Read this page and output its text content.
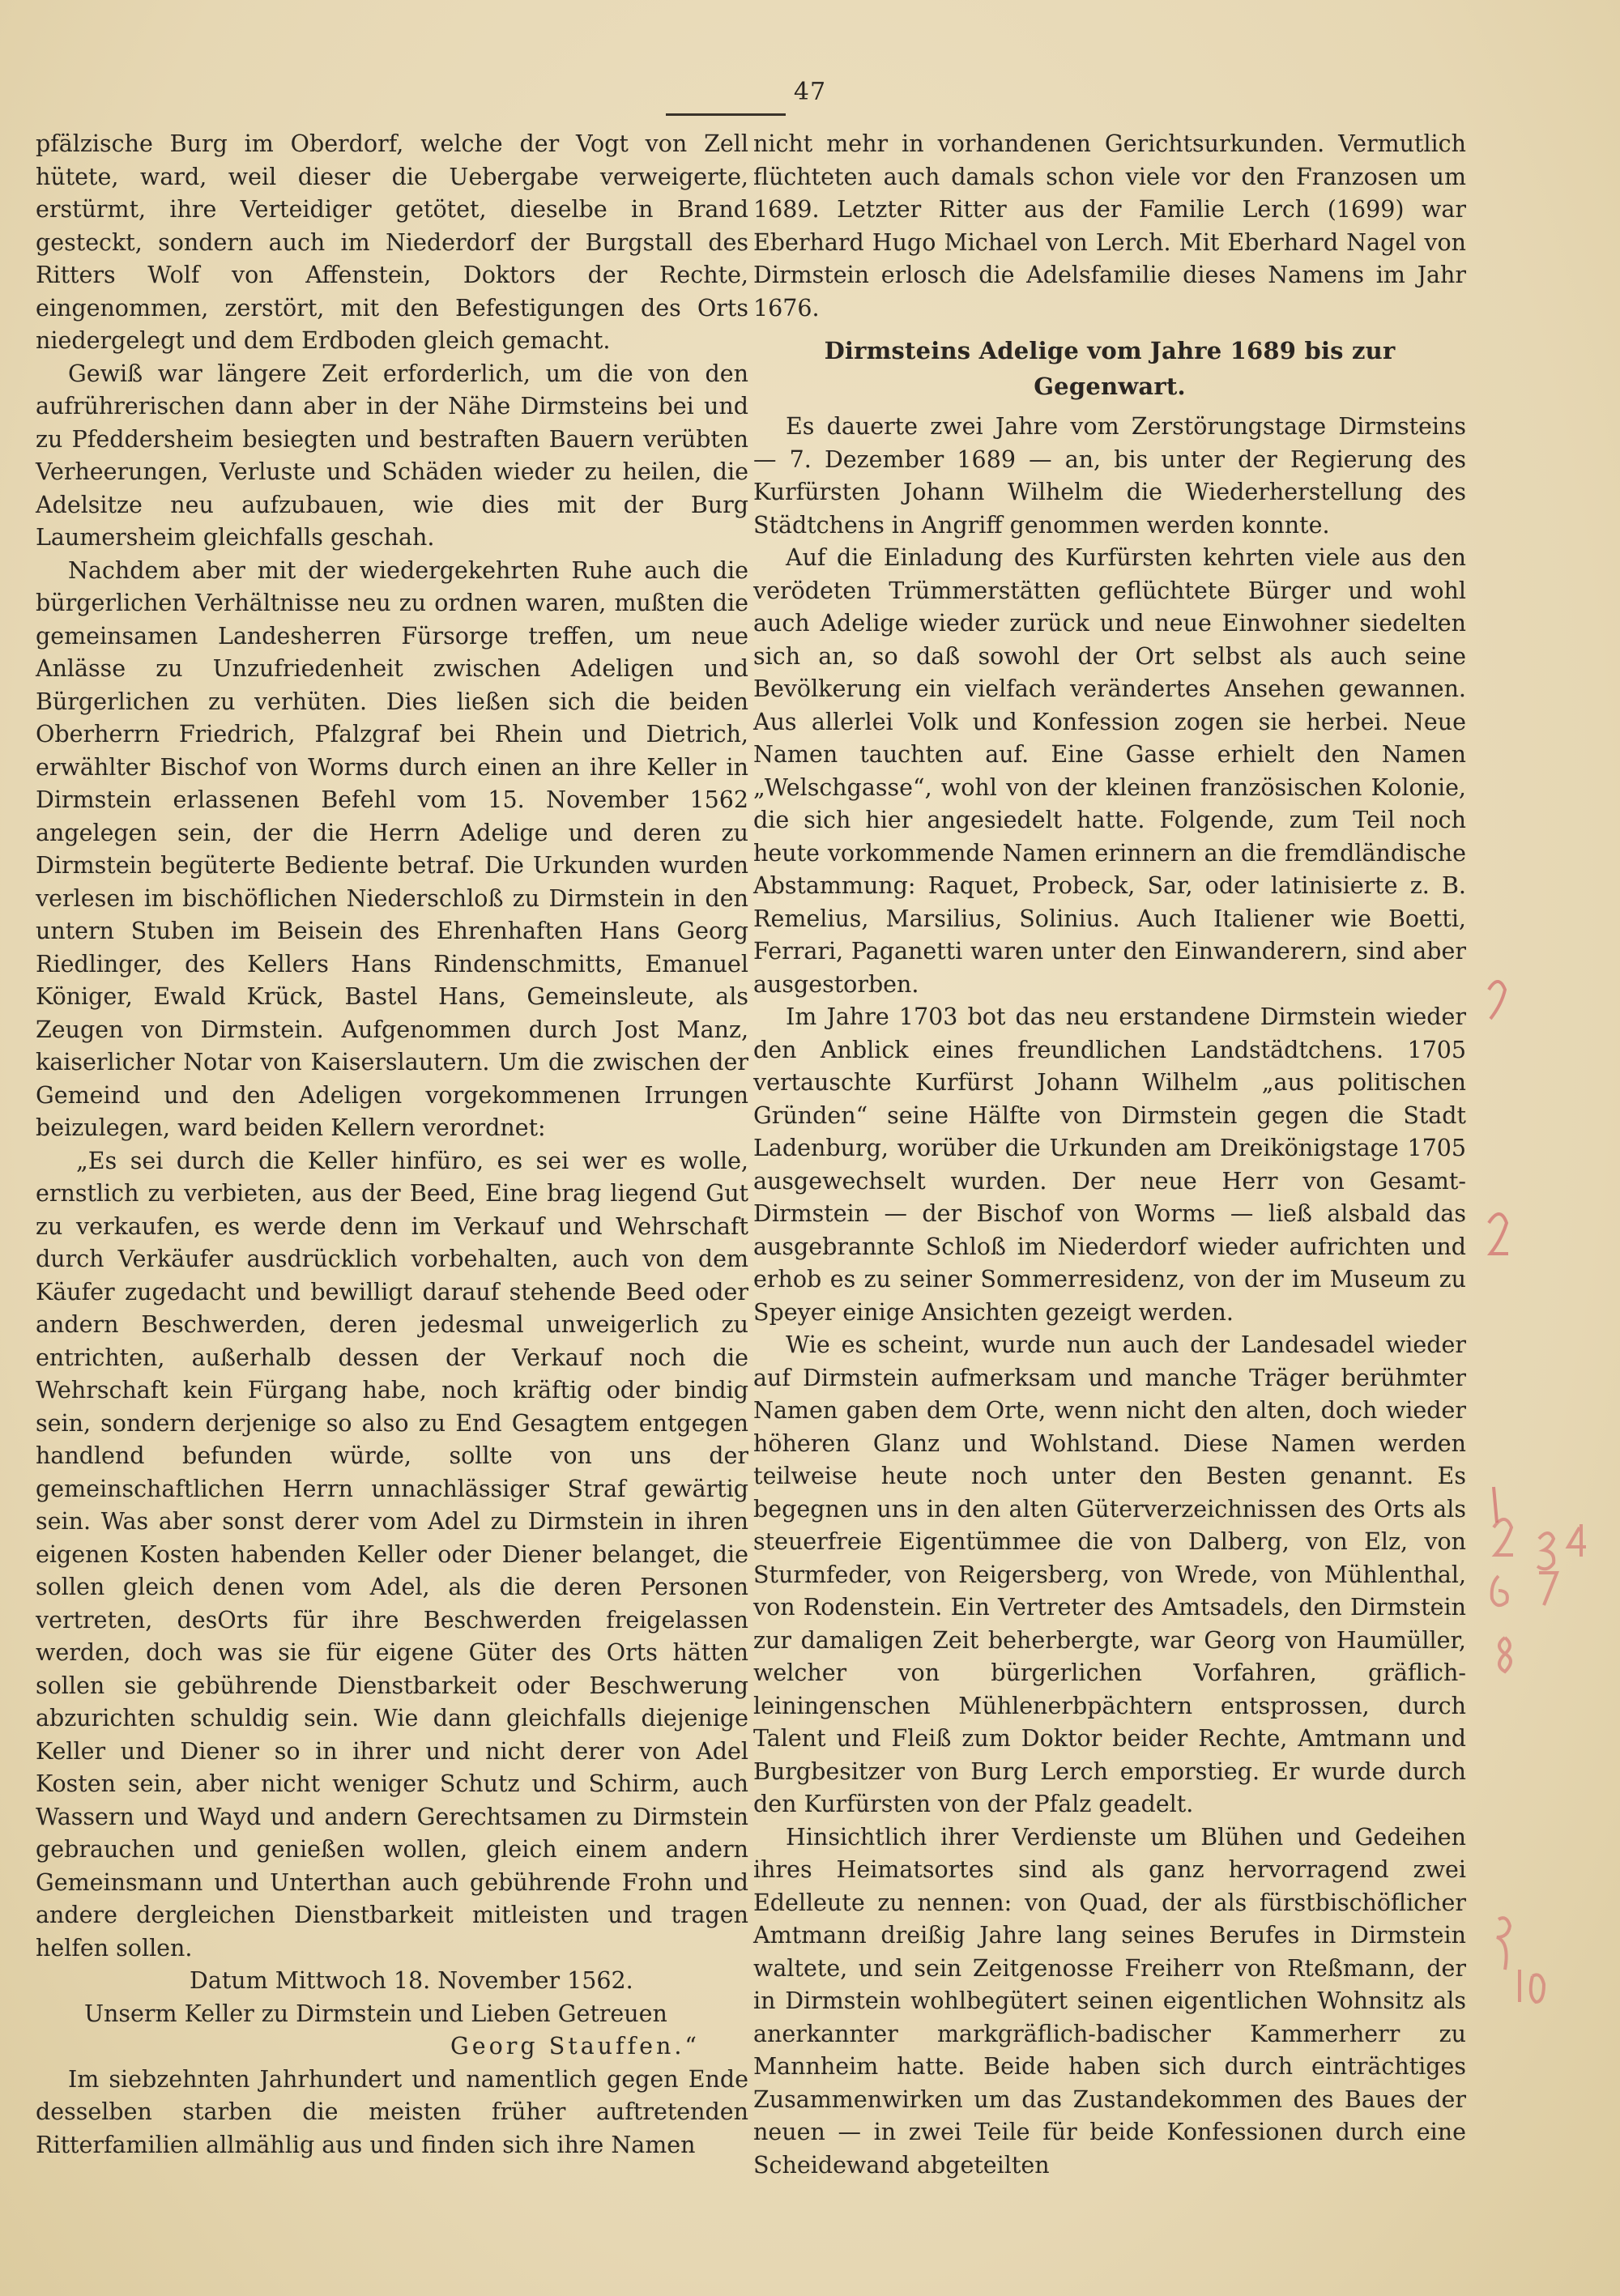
47

pfälzische Burg im Oberdorf, welche der Vogt von Zell hütete, ward, weil dieser die Uebergabe verweigerte, erstürmt, ihre Verteidiger getötet, dieselbe in Brand gesteckt, sondern auch im Niederdorf der Burgstall des Ritters Wolf von Affenstein, Doktors der Rechte, eingenommen, zerstört, mit den Befestigungen des Orts niedergelegt und dem Erdboden gleich gemacht.

Gewiß war längere Zeit erforderlich, um die von den aufrührerischen dann aber in der Nähe Dirmsteins bei und zu Pfeddersheim besiegten und bestraften Bauern verübten Verheerungen, Verluste und Schäden wieder zu heilen, die Adelsitze neu aufzubauen, wie dies mit der Burg Laumersheim gleichfalls geschah.

Nachdem aber mit der wiedergekehrten Ruhe auch die bürgerlichen Verhältnisse neu zu ordnen waren, mußten die gemeinsamen Landesherren Fürsorge treffen, um neue Anlässe zu Unzufriedenheit zwischen Adeligen und Bürgerlichen zu verhüten. Dies ließen sich die beiden Oberherrn Friedrich, Pfalzgraf bei Rhein und Dietrich, erwählter Bischof von Worms durch einen an ihre Keller in Dirmstein erlassenen Befehl vom 15. November 1562 angelegen sein, der die Herrn Adelige und deren zu Dirmstein begüterte Bediente betraf. Die Urkunden wurden verlesen im bischöflichen Niederschloß zu Dirmstein in den untern Stuben im Beisein des Ehrenhaften Hans Georg Riedlinger, des Kellers Hans Rindenschmitts, Emanuel Königer, Ewald Krück, Bastel Hans, Gemeinsleute, als Zeugen von Dirmstein. Aufgenommen durch Jost Manz, kaiserlicher Notar von Kaiserslautern. Um die zwischen der Gemeind und den Adeligen vorgekommenen Irrungen beizulegen, ward beiden Kellern verordnet:

„Es sei durch die Keller hinfüro, es sei wer es wolle, ernstlich zu verbieten, aus der Beed, Eine brag liegend Gut zu verkaufen, es werde denn im Verkauf und Wehrschaft durch Verkäufer ausdrücklich vorbehalten, auch von dem Käufer zugedacht und bewilligt darauf stehende Beed oder andern Beschwerden, deren jedesmal unweigerlich zu entrichten, außerhalb dessen der Verkauf noch die Wehrschaft kein Fürgang habe, noch kräftig oder bindig sein, sondern derjenige so also zu End Gesagtem entgegen handlend befunden würde, sollte von uns der gemeinschaftlichen Herrn unnachlässiger Straf gewärtig sein. Was aber sonst derer vom Adel zu Dirmstein in ihren eigenen Kosten habenden Keller oder Diener belanget, die sollen gleich denen vom Adel, als die deren Personen vertreten, desOrts für ihre Beschwerden freigelassen werden, doch was sie für eigene Güter des Orts hätten sollen sie gebührende Dienstbarkeit oder Beschwerung abzurichten schuldig sein. Wie dann gleichfalls diejenige Keller und Diener so in ihrer und nicht derer von Adel Kosten sein, aber nicht weniger Schutz und Schirm, auch Wassern und Wayd und andern Gerechtsamen zu Dirmstein gebrauchen und genießen wollen, gleich einem andern Gemeinsmann und Unterthan auch gebührende Frohn und andere dergleichen Dienstbarkeit mitleisten und tragen helfen sollen.

Datum Mittwoch 18. November 1562.

Unserm Keller zu Dirmstein und Lieben Getreuen

Georg Stauffen.“

Im siebzehnten Jahrhundert und namentlich gegen Ende desselben starben die meisten früher auftretenden Ritterfamilien allmählig aus und finden sich ihre Namen

nicht mehr in vorhandenen Gerichtsurkunden. Vermutlich flüchteten auch damals schon viele vor den Franzosen um 1689. Letzter Ritter aus der Familie Lerch (1699) war Eberhard Hugo Michael von Lerch. Mit Eberhard Nagel von Dirmstein erlosch die Adelsfamilie dieses Namens im Jahr 1676.

Dirmsteins Adelige vom Jahre 1689 bis zur Gegenwart.

Es dauerte zwei Jahre vom Zerstörungstage Dirmsteins — 7. Dezember 1689 — an, bis unter der Regierung des Kurfürsten Johann Wilhelm die Wiederherstellung des Städtchens in Angriff genommen werden konnte.

Auf die Einladung des Kurfürsten kehrten viele aus den verödeten Trümmerstätten geflüchtete Bürger und wohl auch Adelige wieder zurück und neue Einwohner siedelten sich an, so daß sowohl der Ort selbst als auch seine Bevölkerung ein vielfach verändertes Ansehen gewannen. Aus allerlei Volk und Konfession zogen sie herbei. Neue Namen tauchten auf. Eine Gasse erhielt den Namen „Welschgasse“, wohl von der kleinen französischen Kolonie, die sich hier angesiedelt hatte. Folgende, zum Teil noch heute vorkommende Namen erinnern an die fremdländische Abstammung: Raquet, Probeck, Sar, oder latinisierte z. B. Remelius, Marsilius, Solinius. Auch Italiener wie Boetti, Ferrari, Paganetti waren unter den Einwanderern, sind aber ausgestorben.

Im Jahre 1703 bot das neu erstandene Dirmstein wieder den Anblick eines freundlichen Landstädtchens. 1705 vertauschte Kurfürst Johann Wilhelm „aus politischen Gründen“ seine Hälfte von Dirmstein gegen die Stadt Ladenburg, worüber die Urkunden am Dreikönigstage 1705 ausgewechselt wurden. Der neue Herr von Gesamt-Dirmstein — der Bischof von Worms — ließ alsbald das ausgebrannte Schloß im Niederdorf wieder aufrichten und erhob es zu seiner Sommerresidenz, von der im Museum zu Speyer einige Ansichten gezeigt werden.

Wie es scheint, wurde nun auch der Landesadel wieder auf Dirmstein aufmerksam und manche Träger berühmter Namen gaben dem Orte, wenn nicht den alten, doch wieder höheren Glanz und Wohlstand. Diese Namen werden teilweise heute noch unter den Besten genannt. Es begegnen uns in den alten Güterverzeichnissen des Orts als steuerfreie Eigentümmee die von Dalberg, von Elz, von Sturmfeder, von Reigersberg, von Wrede, von Mühlenthal, von Rodenstein. Ein Vertreter des Amtsadels, den Dirmstein zur damaligen Zeit beherbergte, war Georg von Haumüller, welcher von bürgerlichen Vorfahren, gräflich-leiningenschen Mühlenerbpächtern entsprossen, durch Talent und Fleiß zum Doktor beider Rechte, Amtmann und Burgbesitzer von Burg Lerch emporstieg. Er wurde durch den Kurfürsten von der Pfalz geadelt.

Hinsichtlich ihrer Verdienste um Blühen und Gedeihen ihres Heimatsortes sind als ganz hervorragend zwei Edelleute zu nennen: von Quad, der als fürstbischöflicher Amtmann dreißig Jahre lang seines Berufes in Dirmstein waltete, und sein Zeitgenosse Freiherr von Rteßmann, der in Dirmstein wohlbegütert seinen eigentlichen Wohnsitz als anerkannter markgräflich-badischer Kammerherr zu Mannheim hatte. Beide haben sich durch einträchtiges Zusammenwirken um das Zustandekommen des Baues der neuen — in zwei Teile für beide Konfessionen durch eine Scheidewand abgeteilten
